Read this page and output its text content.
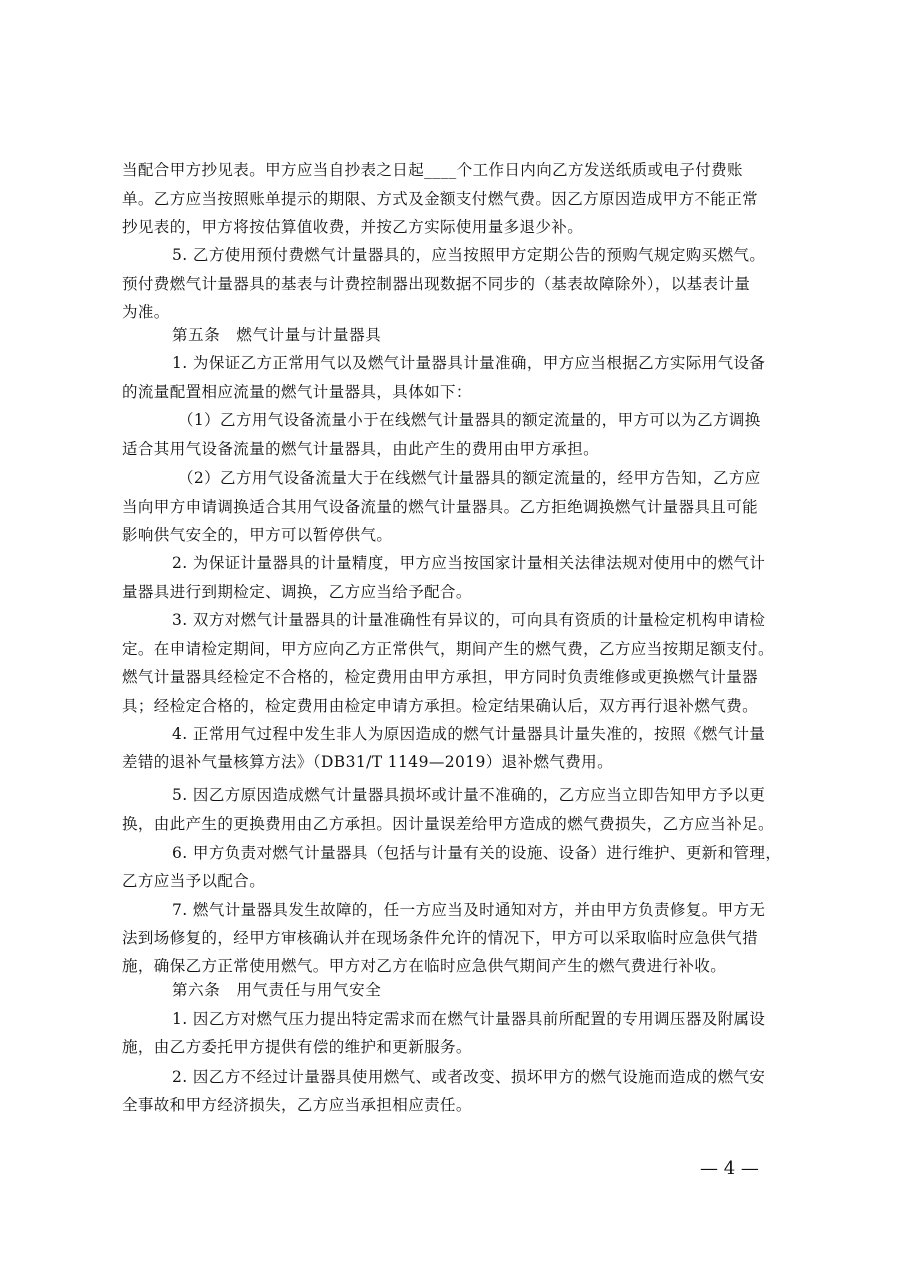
当配合甲方抄见表。甲方应当自抄表之日起____个工作日内向乙方发送纸质或电子付费账
单。乙方应当按照账单提示的期限、方式及金额支付燃气费。因乙方原因造成甲方不能正常
抄见表的，甲方将按估算值收费，并按乙方实际使用量多退少补。
5. 乙方使用预付费燃气计量器具的，应当按照甲方定期公告的预购气规定购买燃气。
预付费燃气计量器具的基表与计费控制器出现数据不同步的（基表故障除外），以基表计量
为准。
第五条　燃气计量与计量器具
1. 为保证乙方正常用气以及燃气计量器具计量准确，甲方应当根据乙方实际用气设备
的流量配置相应流量的燃气计量器具，具体如下：
（1）乙方用气设备流量小于在线燃气计量器具的额定流量的，甲方可以为乙方调换
适合其用气设备流量的燃气计量器具，由此产生的费用由甲方承担。
（2）乙方用气设备流量大于在线燃气计量器具的额定流量的，经甲方告知，乙方应
当向甲方申请调换适合其用气设备流量的燃气计量器具。乙方拒绝调换燃气计量器具且可能
影响供气安全的，甲方可以暂停供气。
2. 为保证计量器具的计量精度，甲方应当按国家计量相关法律法规对使用中的燃气计
量器具进行到期检定、调换，乙方应当给予配合。
3. 双方对燃气计量器具的计量准确性有异议的，可向具有资质的计量检定机构申请检
定。在申请检定期间，甲方应向乙方正常供气，期间产生的燃气费，乙方应当按期足额支付。
燃气计量器具经检定不合格的，检定费用由甲方承担，甲方同时负责维修或更换燃气计量器
具；经检定合格的，检定费用由检定申请方承担。检定结果确认后，双方再行退补燃气费。
4. 正常用气过程中发生非人为原因造成的燃气计量器具计量失准的，按照《燃气计量
差错的退补气量核算方法》（DB31/T 1149—2019）退补燃气费用。
5. 因乙方原因造成燃气计量器具损坏或计量不准确的，乙方应当立即告知甲方予以更
换，由此产生的更换费用由乙方承担。因计量误差给甲方造成的燃气费损失，乙方应当补足。
6. 甲方负责对燃气计量器具（包括与计量有关的设施、设备）进行维护、更新和管理，
乙方应当予以配合。
7. 燃气计量器具发生故障的，任一方应当及时通知对方，并由甲方负责修复。甲方无
法到场修复的，经甲方审核确认并在现场条件允许的情况下，甲方可以采取临时应急供气措
施，确保乙方正常使用燃气。甲方对乙方在临时应急供气期间产生的燃气费进行补收。
第六条　用气责任与用气安全
1. 因乙方对燃气压力提出特定需求而在燃气计量器具前所配置的专用调压器及附属设
施，由乙方委托甲方提供有偿的维护和更新服务。
2. 因乙方不经过计量器具使用燃气、或者改变、损坏甲方的燃气设施而造成的燃气安
全事故和甲方经济损失，乙方应当承担相应责任。
— 4 —
